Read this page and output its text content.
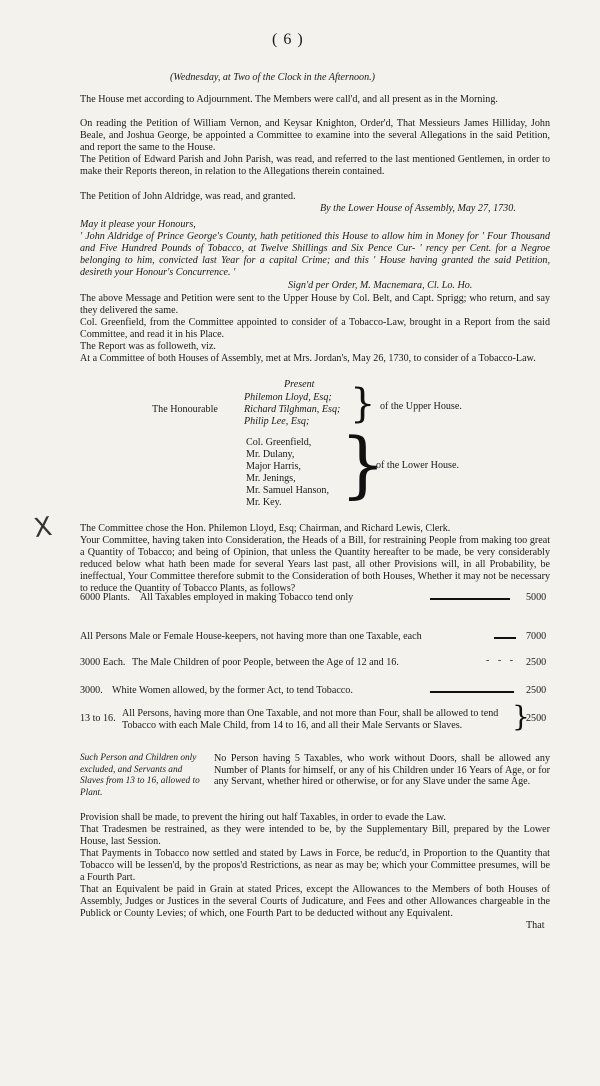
( 6 )
(Wednesday, at Two of the Clock in the Afternoon.)
The House met according to Adjournment. The Members were call'd, and all present as in the Morning.
On reading the Petition of William Vernon, and Keysar Knighton, Order'd, That Messieurs James Hilliday, John Beale, and Joshua George, be appointed a Committee to examine into the several Allegations in the said Petition, and report the same to the House.
The Petition of Edward Parish and John Parish, was read, and referred to the last mentioned Gentlemen, in order to make their Reports thereon, in relation to the Allegations therein contained.
The Petition of John Aldridge, was read, and granted.
By the Lower House of Assembly, May 27, 1730.
May it please your Honours,
' John Aldridge of Prince George's County, hath petitioned this House to allow him in Money for ' Four Thousand and Five Hundred Pounds of Tobacco, at Twelve Shillings and Six Pence Cur- ' rency per Cent. for a Negroe belonging to him, convicted last Year for a capital Crime; and this ' House having granted the said Petition, desireth your Honour's Concurrence. '
Sign'd per Order, M. Macnemara, Cl. Lo. Ho.
The above Message and Petition were sent to the Upper House by Col. Belt, and Capt. Sprigg; who return, and say they delivered the same.
Col. Greenfield, from the Committee appointed to consider of a Tobacco-Law, brought in a Report from the said Committee, and read it in his Place.
The Report was as followeth, viz.
At a Committee of both Houses of Assembly, met at Mrs. Jordan's, May 26, 1730, to consider of a Tobacco-Law.
Present
The Honourable
Philemon Lloyd, Esq;
Richard Tilghman, Esq;
Philip Lee, Esq; } of the Upper House.
Col. Greenfield,
Mr. Dulany,
Major Harris,
Mr. Jenings,
Mr. Samuel Hanson,
Mr. Key. }
of the Lower House.
X	The Committee chose the Hon. Philemon Lloyd, Esq; Chairman, and Richard Lewis, Clerk.
Your Committee, having taken into Consideration, the Heads of a Bill, for restraining People from making too great a Quantity of Tobacco; and being of Opinion, that unless the Quantity hereafter to be made, be very considerably reduced below what hath been made for several Years last past, all other Provisions will, in all Probability, be ineffectual, Your Committee therefore submit to the Consideration of both Houses, Whether it may not be necessary to reduce the Quantity of Tobacco Plants, as follows?
6000 Plants. All Taxables employed in making Tobacco tend only	5000
All Persons Male or Female House-keepers, not having more than one Taxable, each	7000
3000 Each. The Male Children of poor People, between the Age of 12 and 16.	- - - 2500
3000. White Women allowed, by the former Act, to tend Tobacco.	2500
13 to 16. All Persons, having more than One Taxable, and not more than Four, shall be allowed to tend Tobacco with each Male Child, from 14 to 16, and all their Male Servants or Slaves.	}
2500
Such Person and Children only excluded, and Servants and Slaves from 13 to 16, allowed to Plant.
No Person having 5 Taxables, who work without Doors, shall be allowed any Number of Plants for himself, or any of his Children under 16 Years of Age, or for any Servant, whether hired or otherwise, or for any Slave under the same Age.
Provision shall be made, to prevent the hiring out half Taxables, in order to evade the Law.
That Tradesmen be restrained, as they were intended to be, by the Supplementary Bill, prepared by the Lower House, last Session.
That Payments in Tobacco now settled and stated by Laws in Force, be reduc'd, in Proportion to the Quantity that Tobacco will be lessen'd, by the propos'd Restrictions, as near as may be; which your Committee presumes, will be a Fourth Part.
That an Equivalent be paid in Grain at stated Prices, except the Allowances to the Members of both Houses of Assembly, Judges or Justices in the several Courts of Judicature, and Fees and other Allowances chargeable in the Publick or County Levies; of which, one Fourth Part to be deducted without any Equivalent.
That
